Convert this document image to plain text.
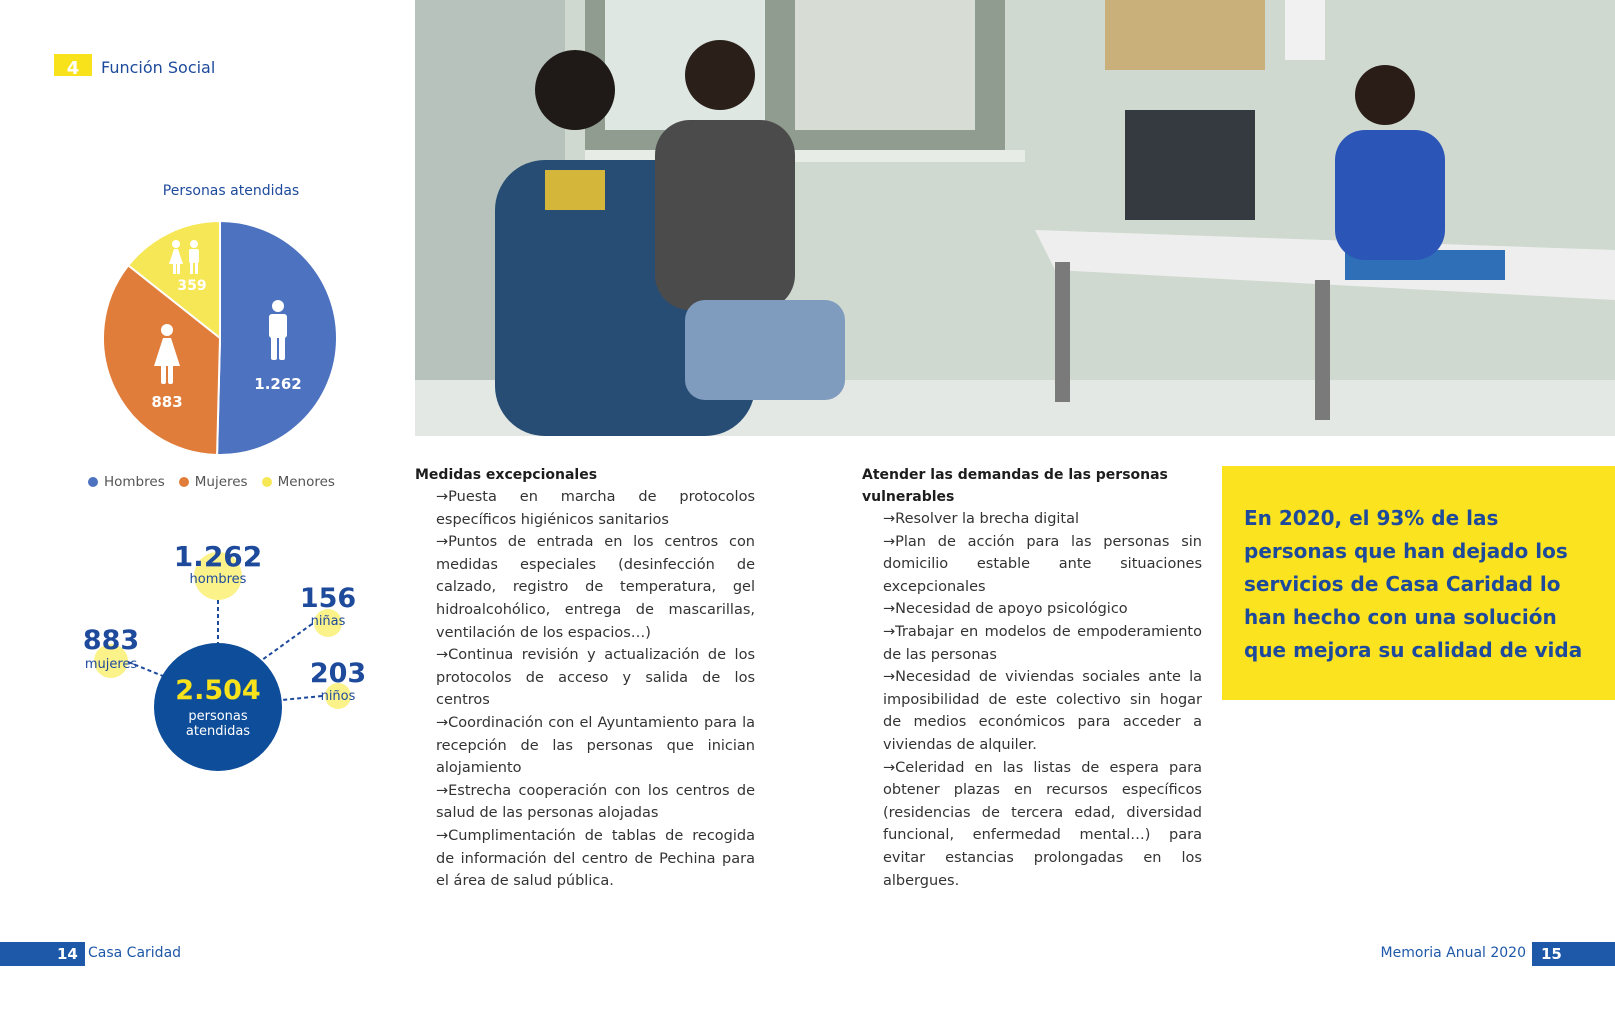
4	Función Social
Personas atendidas
1.262
883
359
Hombres Mujeres Menores
1.262
hombres
883
mujeres
156
niñas
203
niños
2.504
personas
atendidas
Medidas excepcionales
→Puesta en marcha de protocolos específicos higiénicos sanitarios
→Puntos de entrada en los centros con medidas especiales (desinfección de calzado, registro de temperatura, gel hidroalcohólico, entrega de mascarillas, ventilación de los espacios…)
→Continua revisión y actualización de los protocolos de acceso y salida de los centros
→Coordinación con el Ayuntamiento para la recepción de las personas que inician alojamiento
→Estrecha cooperación con los centros de salud de las personas alojadas
→Cumplimentación de tablas de recogida de información del centro de Pechina para el área de salud pública.
Atender las demandas de las personas
vulnerables
→Resolver la brecha digital
→Plan de acción para las personas sin domicilio estable ante situaciones excepcionales
→Necesidad de apoyo psicológico
→Trabajar en modelos de empoderamiento de las personas
→Necesidad de viviendas sociales ante la imposibilidad de este colectivo sin hogar de medios económicos para acceder a viviendas de alquiler.
→Celeridad en las listas de espera para obtener plazas en recursos específicos (residencias de tercera edad, diversidad funcional, enfermedad mental…) para evitar estancias prolongadas en los albergues.

En 2020, el 93% de las personas que han dejado los servicios de Casa Caridad lo han hecho con una solución que mejora su calidad de vida

14 Casa Caridad	Memoria Anual 2020 15
